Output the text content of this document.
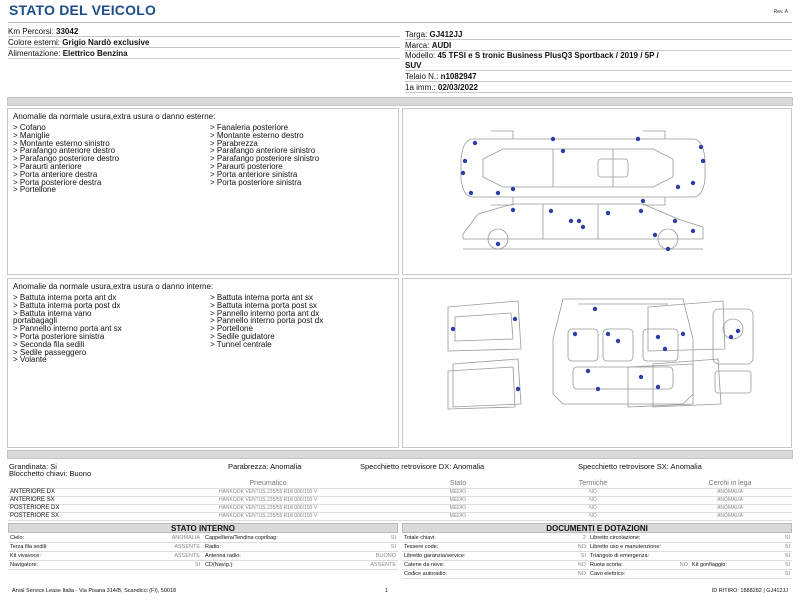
STATO DEL VEICOLO	Rev. A
Km Percorsi: 33042
Colore esterni: Grigio Nardò exclusive
Alimentazione: Elettrico Benzina
Targa: GJ412JJ
Marca: AUDI
Modello: 45 TFSI e S tronic Business PlusQ3 Sportback / 2019 / 5P /
SUV
Telaio N.: n1082947
1a imm.: 02/03/2022
Anomalie da normale usura,extra usura o danno esterne:
> Cofano
> Maniglie
> Montante esterno sinistro
> Parafango anteriore destro
> Parafango posteriore destro
> Paraurti anteriore
> Porta anteriore destra
> Porta posteriore destra
> Portellone
> Fanaleria posteriore
> Montante esterno destro
> Parabrezza
> Parafango anteriore sinistro
> Parafango posteriore sinistro
> Paraurti posteriore
> Porta anteriore sinistra
> Porta posteriore sinistra
Anomalie da normale usura,extra usura o danno interne:
> Battuta interna porta ant dx
> Battuta interna porta post dx
> Battuta interna vano
portabagagli
> Pannello interno porta ant sx
> Porta posteriore sinistra
> Seconda fila sedili
> Sedile passeggero
> Volante
> Battuta interna porta ant sx
> Battuta interna porta post sx
> Pannello interno porta ant dx
> Pannello interno porta post dx
> Portellone
> Sedile guidatore
> Tunnel centrale
Grandinata: Si
Blocchetto chiavi: Buono
Parabrezza: Anomalia	Specchietto retrovisore DX: Anomalia	Specchietto retrovisore SX: Anomalia
	Pneumatico	Stato	Termiche	Cerchi in lega
ANTERIORE DX	HANKOOK VENTUS 235/55 R18 000/100 V	MEDIO	NO	ANOMALIA
ANTERIORE SX	HANKOOK VENTUS 235/55 R18 000/100 V	MEDIO	NO	ANOMALIA
POSTERIORE DX	HANKOOK VENTUS 235/55 R18 000/100 V	MEDIO	NO	ANOMALIA
POSTERIORE SX	HANKOOK VENTUS 235/55 R18 000/100 V	MEDIO	NO	ANOMALIA
STATO INTERNO
Cielo:	ANOMALIA Cappelliera/Tendina copribag:	SI
Terza fila sedili:	ASSENTE Radio:	SI
Kit vivavoce:	ASSENTE Antenna radio:	BUONO
Navigatore:	SI CD(Navig.):	ASSENTE
DOCUMENTI E DOTAZIONI
Totale chiavi:	2 Libretto circolazione:	SI
Tessere code:	NO Libretto uso e manutenzione:	SI
Libretto garanzia/service:	SI Triangolo di emergenza:	SI
Catene da neve:	NO Ruota scorta:	NO Kit gonfiaggio:	SI
Codice autoradio:	NO Cavo elettrico:	SI
Arval Service Lease Italia - Via Pisana 314/B, Scandicci (FI), 50018	1	ID RITIRO: 1888282 | GJ412JJ
